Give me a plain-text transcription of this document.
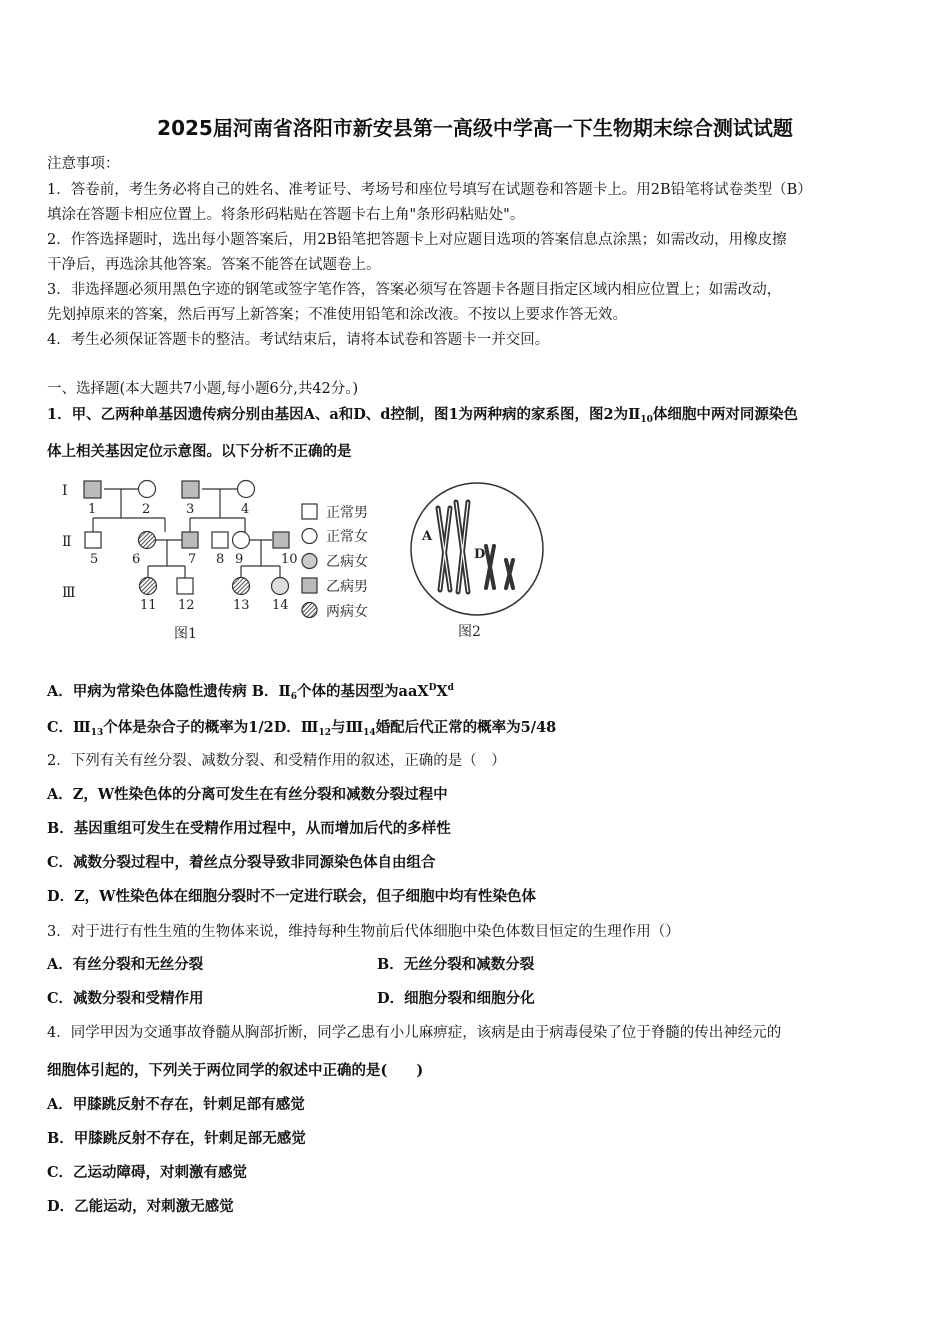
2025届河南省洛阳市新安县第一高级中学高一下生物期末综合测试试题
注意事项：
1．答卷前，考生务必将自己的姓名、准考证号、考场号和座位号填写在试题卷和答题卡上。用2B铅笔将试卷类型（B）
填涂在答题卡相应位置上。将条形码粘贴在答题卡右上角"条形码粘贴处"。
2．作答选择题时，选出每小题答案后，用2B铅笔把答题卡上对应题目选项的答案信息点涂黑；如需改动，用橡皮擦
干净后，再选涂其他答案。答案不能答在试题卷上。
3．非选择题必须用黑色字迹的钢笔或签字笔作答，答案必须写在答题卡各题目指定区域内相应位置上；如需改动，
先划掉原来的答案，然后再写上新答案；不准使用铅笔和涂改液。不按以上要求作答无效。
4．考生必须保证答题卡的整洁。考试结束后，请将本试卷和答题卡一并交回。
一、选择题(本大题共7小题,每小题6分,共42分。)
1．甲、乙两种单基因遗传病分别由基因A、a和D、d控制，图1为两种病的家系图，图2为$Ⅱ_{10}$体细胞中两对同源染色
体上相关基因定位示意图。以下分析不正确的是
Ⅰ
Ⅱ
Ⅲ
1	2	3	4
5	6	7 8 9	10
11 12	13 14
正常男
正常女
乙病女
乙病男
两病女
图1
A
D
图2
A．甲病为常染色体隐性遗传病 B．$Ⅱ_6$个体的基因型为$aaX^DX^d$
C．$Ⅲ_{13}$个体是杂合子的概率为1/2D．$Ⅲ_{12}$与$Ⅲ_{14}$婚配后代正常的概率为5/48
2．下列有关有丝分裂、减数分裂、和受精作用的叙述，正确的是（　）
A．Z，W性染色体的分离可发生在有丝分裂和减数分裂过程中
B．基因重组可发生在受精作用过程中，从而增加后代的多样性
C．减数分裂过程中，着丝点分裂导致非同源染色体自由组合
D．Z，W性染色体在细胞分裂时不一定进行联会，但子细胞中均有性染色体
3．对于进行有性生殖的生物体来说，维持每种生物前后代体细胞中染色体数目恒定的生理作用（）
A．有丝分裂和无丝分裂	B．无丝分裂和减数分裂
C．减数分裂和受精作用	D．细胞分裂和细胞分化
4．同学甲因为交通事故脊髓从胸部折断，同学乙患有小儿麻痹症，该病是由于病毒侵染了位于脊髓的传出神经元的
细胞体引起的，下列关于两位同学的叙述中正确的是(　　)
A．甲膝跳反射不存在，针刺足部有感觉
B．甲膝跳反射不存在，针刺足部无感觉
C．乙运动障碍，对刺激有感觉
D．乙能运动，对刺激无感觉
